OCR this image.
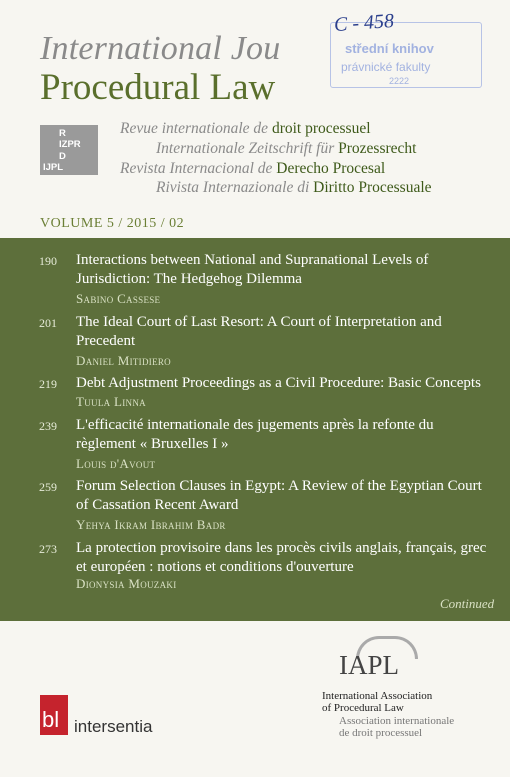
International Jou
Procedural Law
střední knihov
právnické fakulty
2222
C - 458
R
IZPR
D
IJPL
Revue internationale de droit processuel
Internationale Zeitschrift für Prozessrecht
Revista Internacional de Derecho Procesal
Rivista Internazionale di Diritto Processuale
VOLUME 5 / 2015 / 02
190 Interactions between National and Supranational Levels of Jurisdiction: The Hedgehog Dilemma
Sabino Cassese
201 The Ideal Court of Last Resort: A Court of Interpretation and Precedent
Daniel Mitidiero
219 Debt Adjustment Proceedings as a Civil Procedure: Basic Concepts
Tuula Linna
239 L'efficacité internationale des jugements après la refonte du règlement « Bruxelles I »
Louis d'Avout
259 Forum Selection Clauses in Egypt: A Review of the Egyptian Court of Cassation Recent Award
Yehya Ikram Ibrahim Badr
273 La protection provisoire dans les procès civils anglais, français, grec et européen : notions et conditions d'ouverture
Dionysia Mouzaki
Continued
IAPL
International Association
of Procedural Law
Association internationale
de droit processuel
bl intersentia
